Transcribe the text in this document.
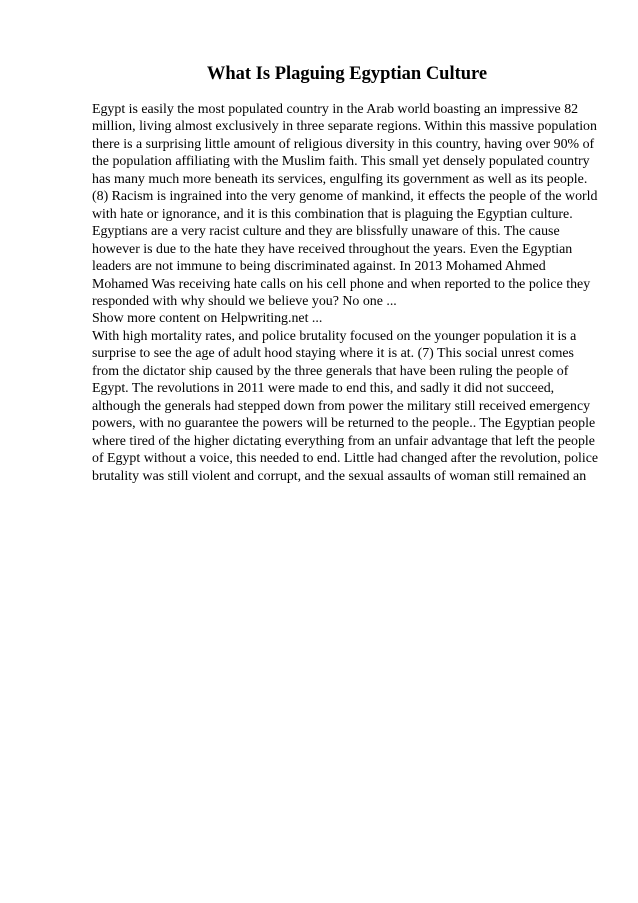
What Is Plaguing Egyptian Culture

Egypt is easily the most populated country in the Arab world boasting an impressive 82 million, living almost exclusively in three separate regions. Within this massive population there is a surprising little amount of religious diversity in this country, having over 90% of the population affiliating with the Muslim faith. This small yet densely populated country has many much more beneath its services, engulfing its government as well as its people.

(8) Racism is ingrained into the very genome of mankind, it effects the people of the world with hate or ignorance, and it is this combination that is plaguing the Egyptian culture. Egyptians are a very racist culture and they are blissfully unaware of this. The cause however is due to the hate they have received throughout the years. Even the Egyptian leaders are not immune to being discriminated against. In 2013 Mohamed Ahmed Mohamed Was receiving hate calls on his cell phone and when reported to the police they responded with why should we believe you? No one ...

Show more content on Helpwriting.net ...

With high mortality rates, and police brutality focused on the younger population it is a surprise to see the age of adult hood staying where it is at. (7) This social unrest comes from the dictator ship caused by the three generals that have been ruling the people of Egypt. The revolutions in 2011 were made to end this, and sadly it did not succeed, although the generals had stepped down from power the military still received emergency powers, with no guarantee the powers will be returned to the people.. The Egyptian people where tired of the higher dictating everything from an unfair advantage that left the people of Egypt without a voice, this needed to end. Little had changed after the revolution, police brutality was still violent and corrupt, and the sexual assaults of woman still remained an
